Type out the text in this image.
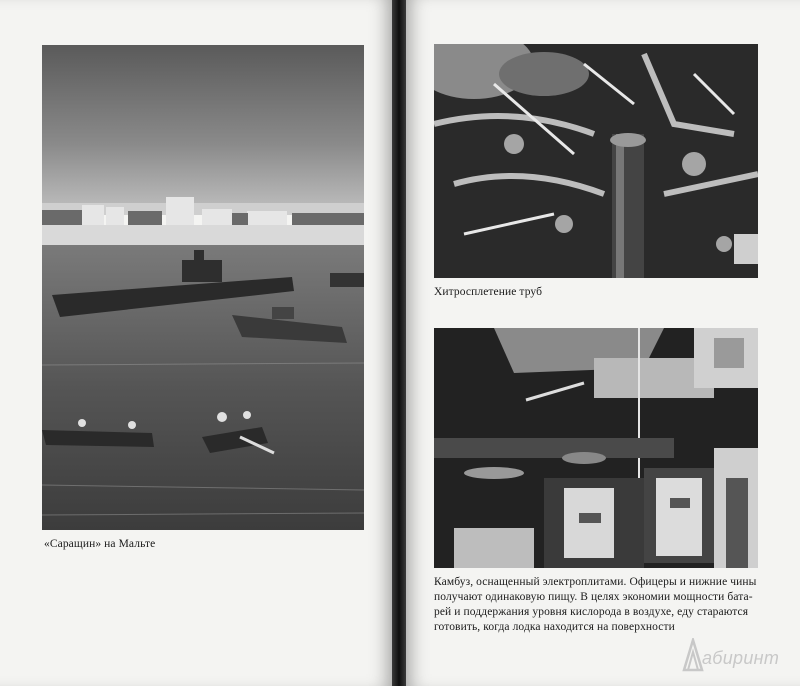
«Саращин» на Мальте
Хитросплетение труб
Камбуз, оснащенный электроплитами. Офицеры и нижние чины
получают одинаковую пищу. В целях экономии мощности бата-
рей и поддержания уровня кислорода в воздухе, еду стараются
готовить, когда лодка находится на поверхности
абиринт
